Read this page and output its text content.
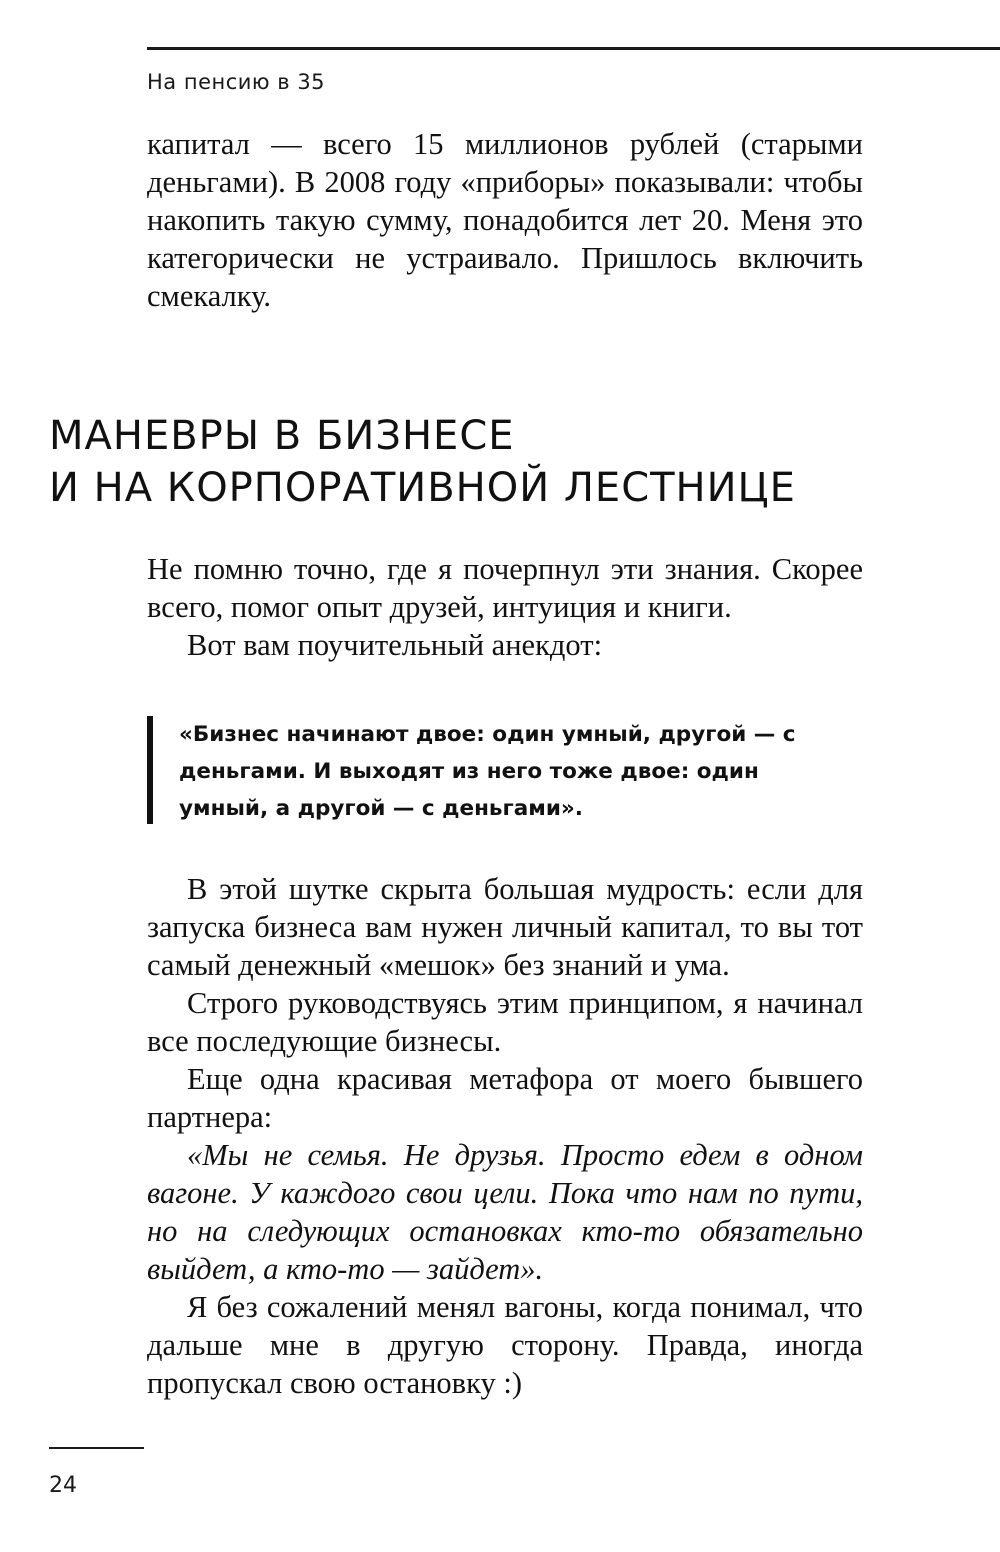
На пенсию в 35

капитал — всего 15 миллионов рублей (старыми деньгами). В 2008 году «приборы» показывали: чтобы накопить такую сумму, понадобится лет 20. Меня это категорически не устраивало. Пришлось включить смекалку.

МАНЕВРЫ В БИЗНЕСЕ
И НА КОРПОРАТИВНОЙ ЛЕСТНИЦЕ

Не помню точно, где я почерпнул эти знания. Скорее всего, помог опыт друзей, интуиция и книги.

Вот вам поучительный анекдот:

«Бизнес начинают двое: один умный, другой — с деньгами. И выходят из него тоже двое: один умный, а другой — с деньгами».

В этой шутке скрыта большая мудрость: если для запуска бизнеса вам нужен личный капитал, то вы тот самый денежный «мешок» без знаний и ума.

Строго руководствуясь этим принципом, я начинал все последующие бизнесы.

Еще одна красивая метафора от моего бывшего партнера:

«Мы не семья. Не друзья. Просто едем в одном вагоне. У каждого свои цели. Пока что нам по пути, но на следующих остановках кто-то обязательно выйдет, а кто-то — зайдет».

Я без сожалений менял вагоны, когда понимал, что дальше мне в другую сторону. Правда, иногда пропускал свою остановку :)

24
